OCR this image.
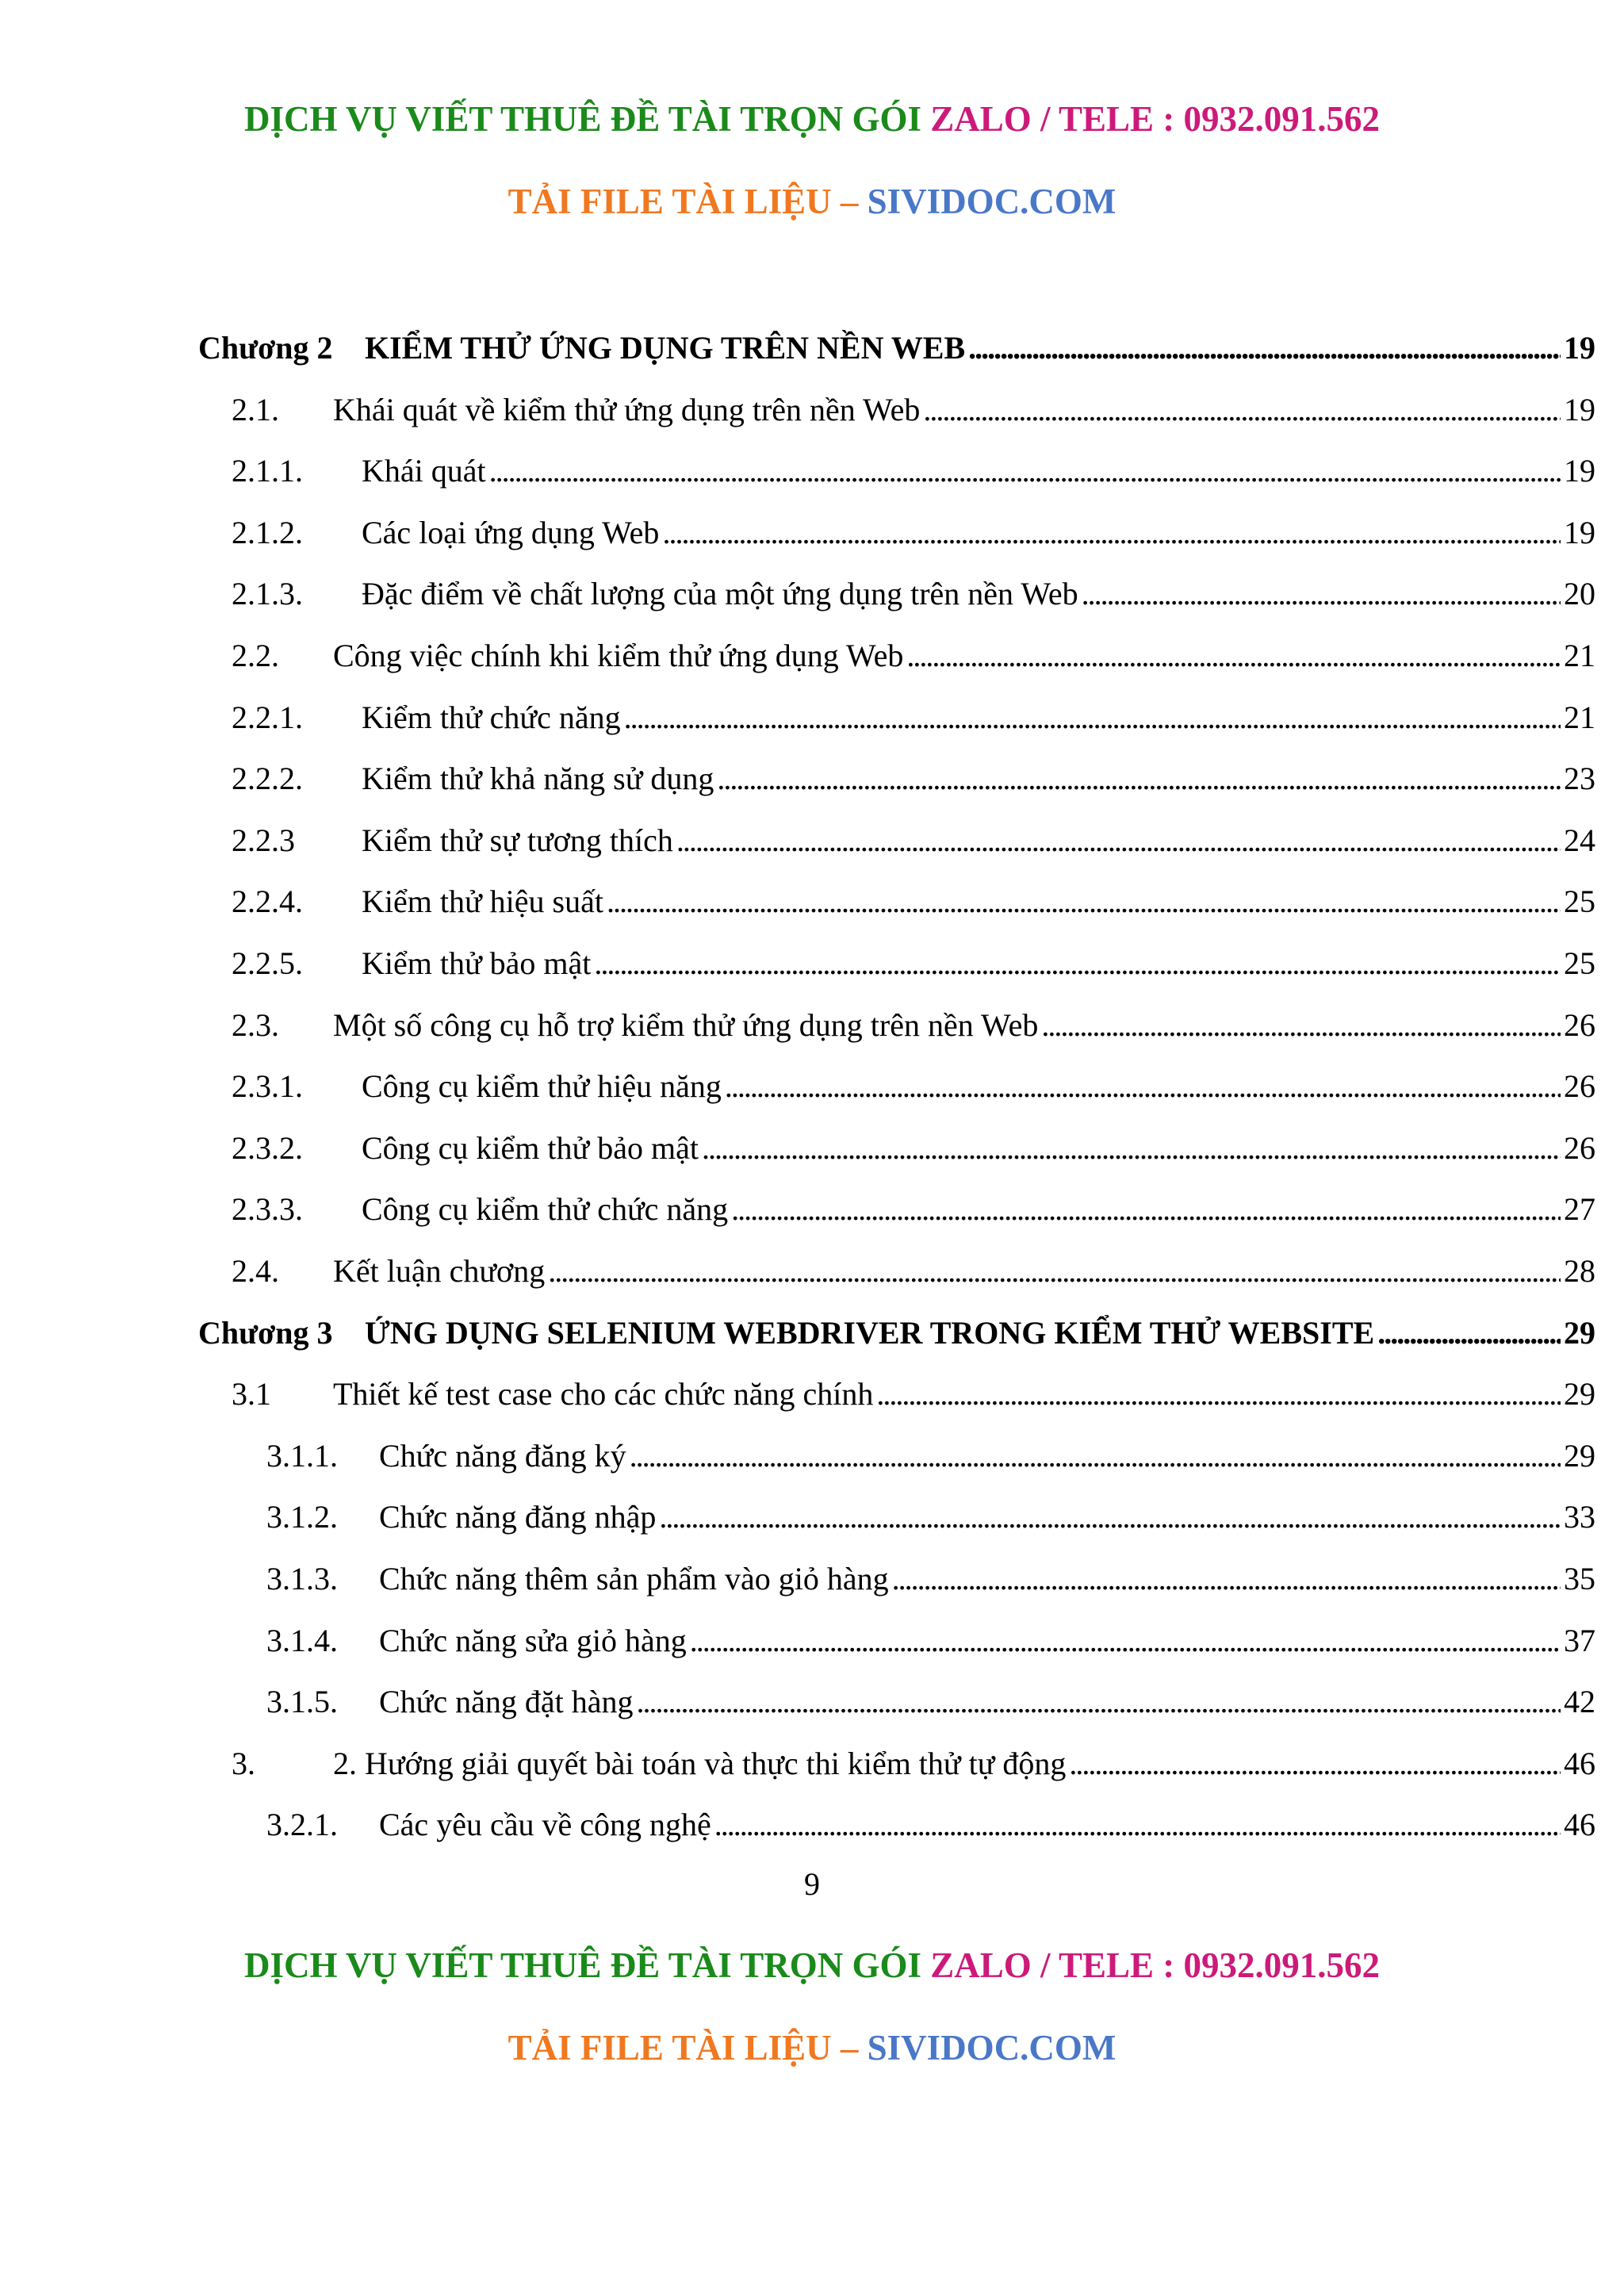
DỊCH VỤ VIẾT THUÊ ĐỀ TÀI TRỌN GÓI ZALO / TELE : 0932.091.562
TẢI FILE TÀI LIỆU – SIVIDOC.COM
Chương 2	KIỂM THỬ ỨNG DỤNG TRÊN NỀN WEB . . .	19
2.1.	Khái quát về kiểm thử ứng dụng trên nền Web . . .	19
2.1.1.	Khái quát . . .	19
2.1.2.	Các loại ứng dụng Web . . .	19
2.1.3.	Đặc điểm về chất lượng của một ứng dụng trên nền Web . . .	20
2.2.	Công việc chính khi kiểm thử ứng dụng Web . . .	21
2.2.1.	Kiểm thử chức năng . . .	21
2.2.2.	Kiểm thử khả năng sử dụng . . .	23
2.2.3	Kiểm thử sự tương thích . . .	24
2.2.4.	Kiểm thử hiệu suất . . .	25
2.2.5.	Kiểm thử bảo mật . . .	25
2.3.	Một số công cụ hỗ trợ kiểm thử ứng dụng trên nền Web . . .	26
2.3.1.	Công cụ kiểm thử hiệu năng . . .	26
2.3.2.	Công cụ kiểm thử bảo mật . . .	26
2.3.3.	Công cụ kiểm thử chức năng . . .	27
2.4.	Kết luận chương . . .	28
Chương 3	ỨNG DỤNG SELENIUM WEBDRIVER TRONG KIỂM THỬ WEBSITE . . .	29
3.1	Thiết kế test case cho các chức năng chính . . .	29
3.1.1.	Chức năng đăng ký . . .	29
3.1.2.	Chức năng đăng nhập . . .	33
3.1.3.	Chức năng thêm sản phẩm vào giỏ hàng . . .	35
3.1.4.	Chức năng sửa giỏ hàng . . .	37
3.1.5.	Chức năng đặt hàng . . .	42
3.	2. Hướng giải quyết bài toán và thực thi kiểm thử tự động . . .	46
3.2.1.	Các yêu cầu về công nghệ . . .	46
9
DỊCH VỤ VIẾT THUÊ ĐỀ TÀI TRỌN GÓI ZALO / TELE : 0932.091.562
TẢI FILE TÀI LIỆU – SIVIDOC.COM
